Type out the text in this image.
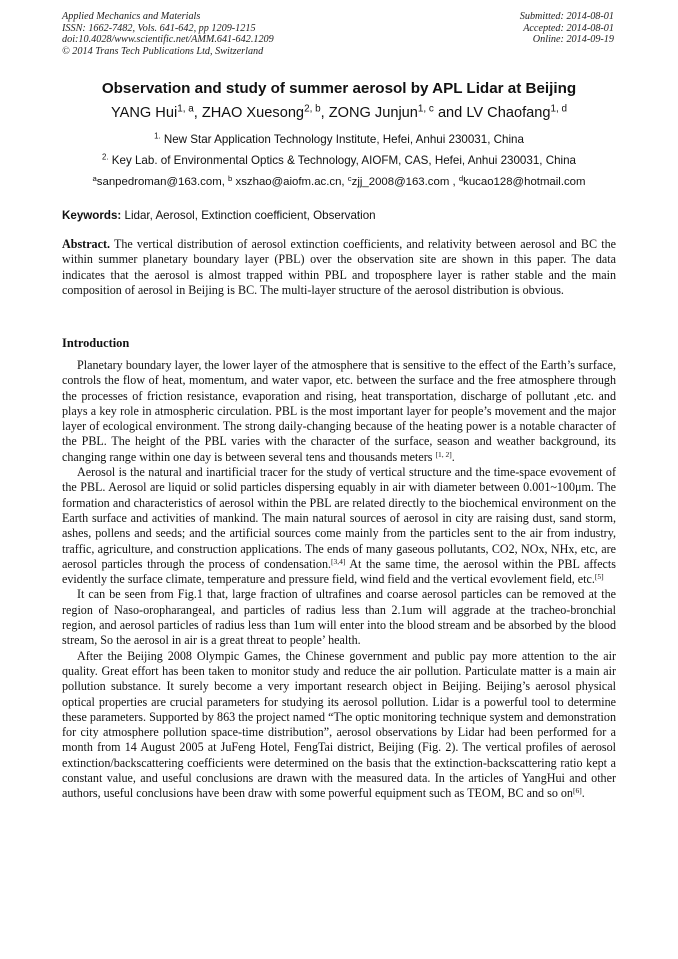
Applied Mechanics and Materials
ISSN: 1662-7482, Vols. 641-642, pp 1209-1215
doi:10.4028/www.scientific.net/AMM.641-642.1209
© 2014 Trans Tech Publications Ltd, Switzerland
Submitted: 2014-08-01
Accepted: 2014-08-01
Online: 2014-09-19
Observation and study of summer aerosol by APL Lidar at Beijing
YANG Hui$^{1, a}$, ZHAO Xuesong$^{2, b}$, ZONG Junjun$^{1, c}$ and LV Chaofang$^{1, d}$
$^{1.}$ New Star Application Technology Institute, Hefei, Anhui 230031, China
$^{2.}$ Key Lab. of Environmental Optics & Technology, AIOFM, CAS, Hefei, Anhui 230031, China
$^a$sanpedroman@163.com, $^b$ xszhao@aiofm.ac.cn, $^c$zjj_2008@163.com , $^d$kucao128@hotmail.com
Keywords: Lidar, Aerosol, Extinction coefficient, Observation
Abstract. The vertical distribution of aerosol extinction coefficients, and relativity between aerosol and BC the within summer planetary boundary layer (PBL) over the observation site are shown in this paper. The data indicates that the aerosol is almost trapped within PBL and troposphere layer is rather stable and the main composition of aerosol in Beijing is BC. The multi-layer structure of the aerosol distribution is obvious.
Introduction

Planetary boundary layer, the lower layer of the atmosphere that is sensitive to the effect of the Earth’s surface, controls the flow of heat, momentum, and water vapor, etc. between the surface and the free atmosphere through the processes of friction resistance, evaporation and rising, heat transportation, discharge of pollutant ,etc. and plays a key role in atmospheric circulation. PBL is the most important layer for people’s movement and the major layer of ecological environment. The strong daily-changing because of the heating power is a notable character of the PBL. The height of the PBL varies with the character of the surface, season and weather background, its changing range within one day is between several tens and thousands meters [1, 2].

Aerosol is the natural and inartificial tracer for the study of vertical structure and the time-space evovement of the PBL. Aerosol are liquid or solid particles dispersing equably in air with diameter between 0.001~100μm. The formation and characteristics of aerosol within the PBL are related directly to the biochemical environment on the Earth surface and activities of mankind. The main natural sources of aerosol in city are raising dust, sand storm, ashes, pollens and seeds; and the artificial sources come mainly from the particles sent to the air from industry, traffic, agriculture, and construction applications. The ends of many gaseous pollutants, CO2, NOx, NHx, etc, are aerosol particles through the process of condensation.[3,4] At the same time, the aerosol within the PBL affects evidently the surface climate, temperature and pressure field, wind field and the vertical evovlement field, etc.[5]

It can be seen from Fig.1 that, large fraction of ultrafines and coarse aerosol particles can be removed at the region of Naso-oropharangeal, and particles of radius less than 2.1um will aggrade at the tracheo-bronchial region, and aerosol particles of radius less than 1um will enter into the blood stream and be absorbed by the blood stream, So the aerosol in air is a great threat to people’ health.

After the Beijing 2008 Olympic Games, the Chinese government and public pay more attention to the air quality. Great effort has been taken to monitor study and reduce the air pollution. Particulate matter is a main air pollution substance. It surely become a very important research object in Beijing. Beijing’s aerosol physical optical properties are crucial parameters for studying its aerosol pollution. Lidar is a powerful tool to determine these parameters. Supported by 863 the project named “The optic monitoring technique system and demonstration for city atmosphere pollution space-time distribution”, aerosol observations by Lidar had been performed for a month from 14 August 2005 at JuFeng Hotel, FengTai district, Beijing (Fig. 2). The vertical profiles of aerosol extinction/backscattering coefficients were determined on the basis that the extinction-backscattering ratio kept a constant value, and useful conclusions are drawn with the measured data. In the articles of YangHui and other authors, useful conclusions have been draw with some powerful equipment such as TEOM, BC and so on[6].
